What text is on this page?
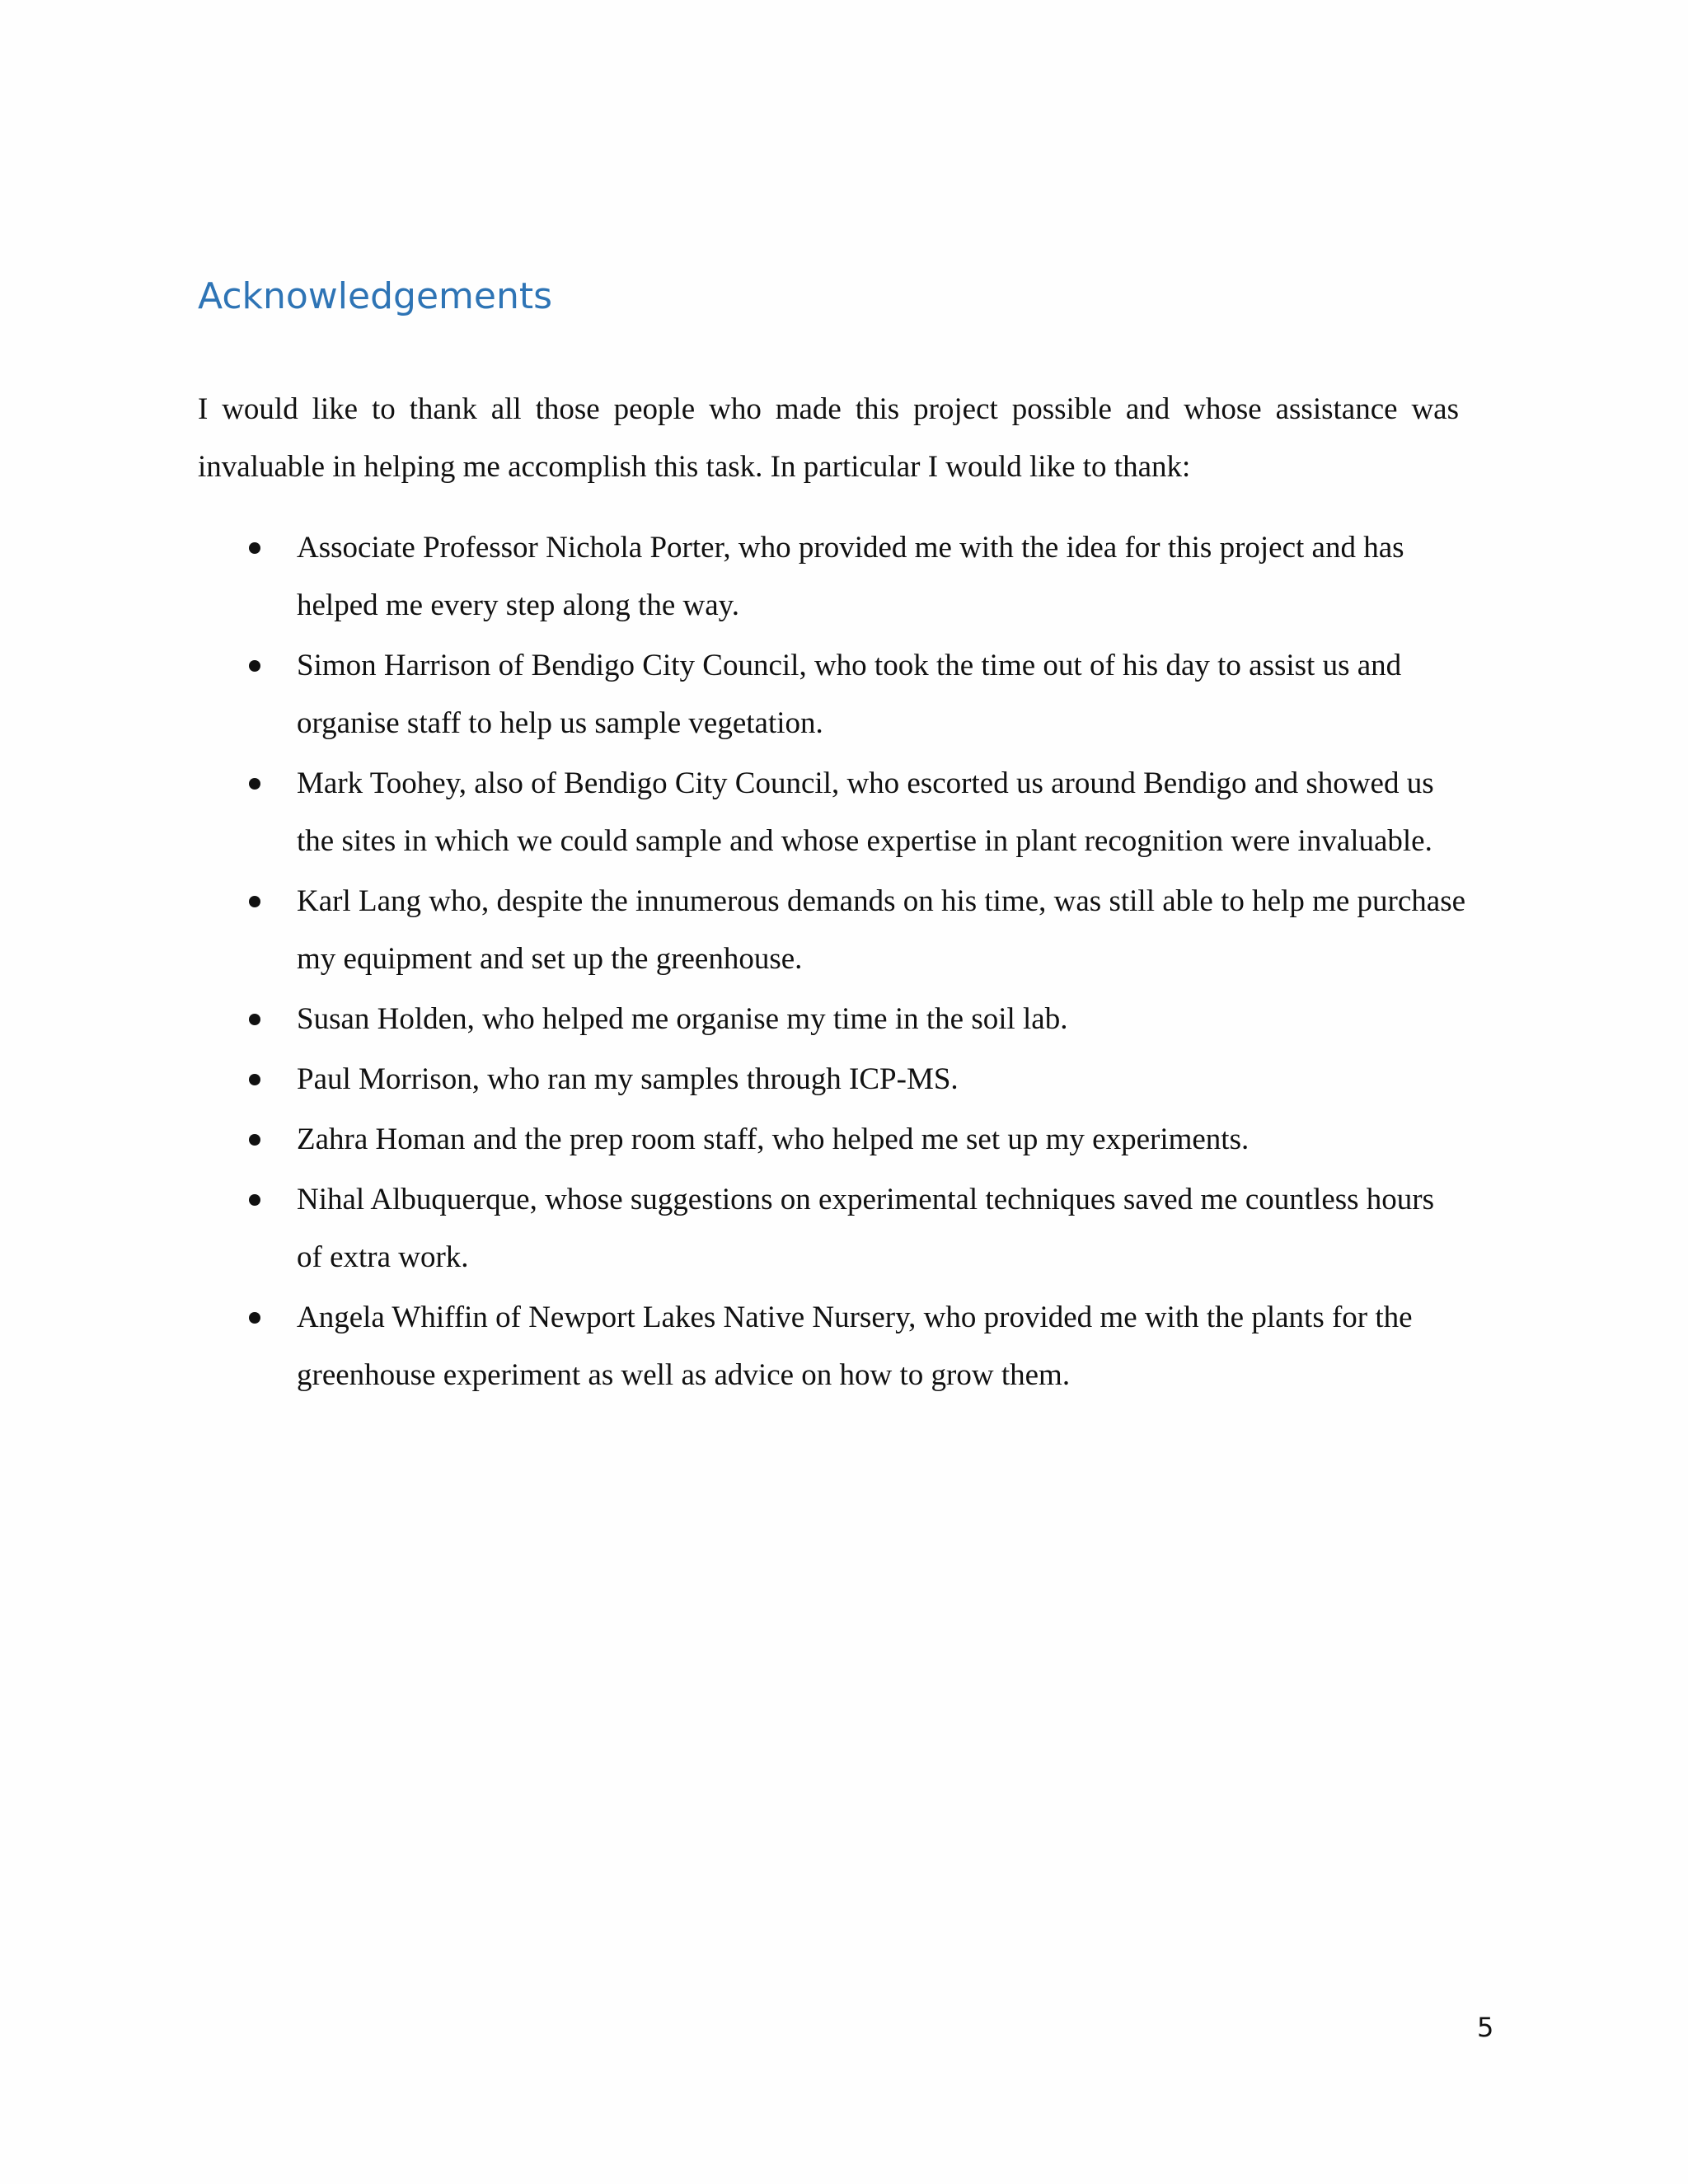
Acknowledgements

I would like to thank all those people who made this project possible and whose assistance was invaluable in helping me accomplish this task. In particular I would like to thank:

Associate Professor Nichola Porter, who provided me with the idea for this project and has helped me every step along the way.
Simon Harrison of Bendigo City Council, who took the time out of his day to assist us and organise staff to help us sample vegetation.
Mark Toohey, also of Bendigo City Council, who escorted us around Bendigo and showed us the sites in which we could sample and whose expertise in plant recognition were invaluable.
Karl Lang who, despite the innumerous demands on his time, was still able to help me purchase my equipment and set up the greenhouse.
Susan Holden, who helped me organise my time in the soil lab.
Paul Morrison, who ran my samples through ICP-MS.
Zahra Homan and the prep room staff, who helped me set up my experiments.
Nihal Albuquerque, whose suggestions on experimental techniques saved me countless hours of extra work.
Angela Whiffin of Newport Lakes Native Nursery, who provided me with the plants for the greenhouse experiment as well as advice on how to grow them.

5
